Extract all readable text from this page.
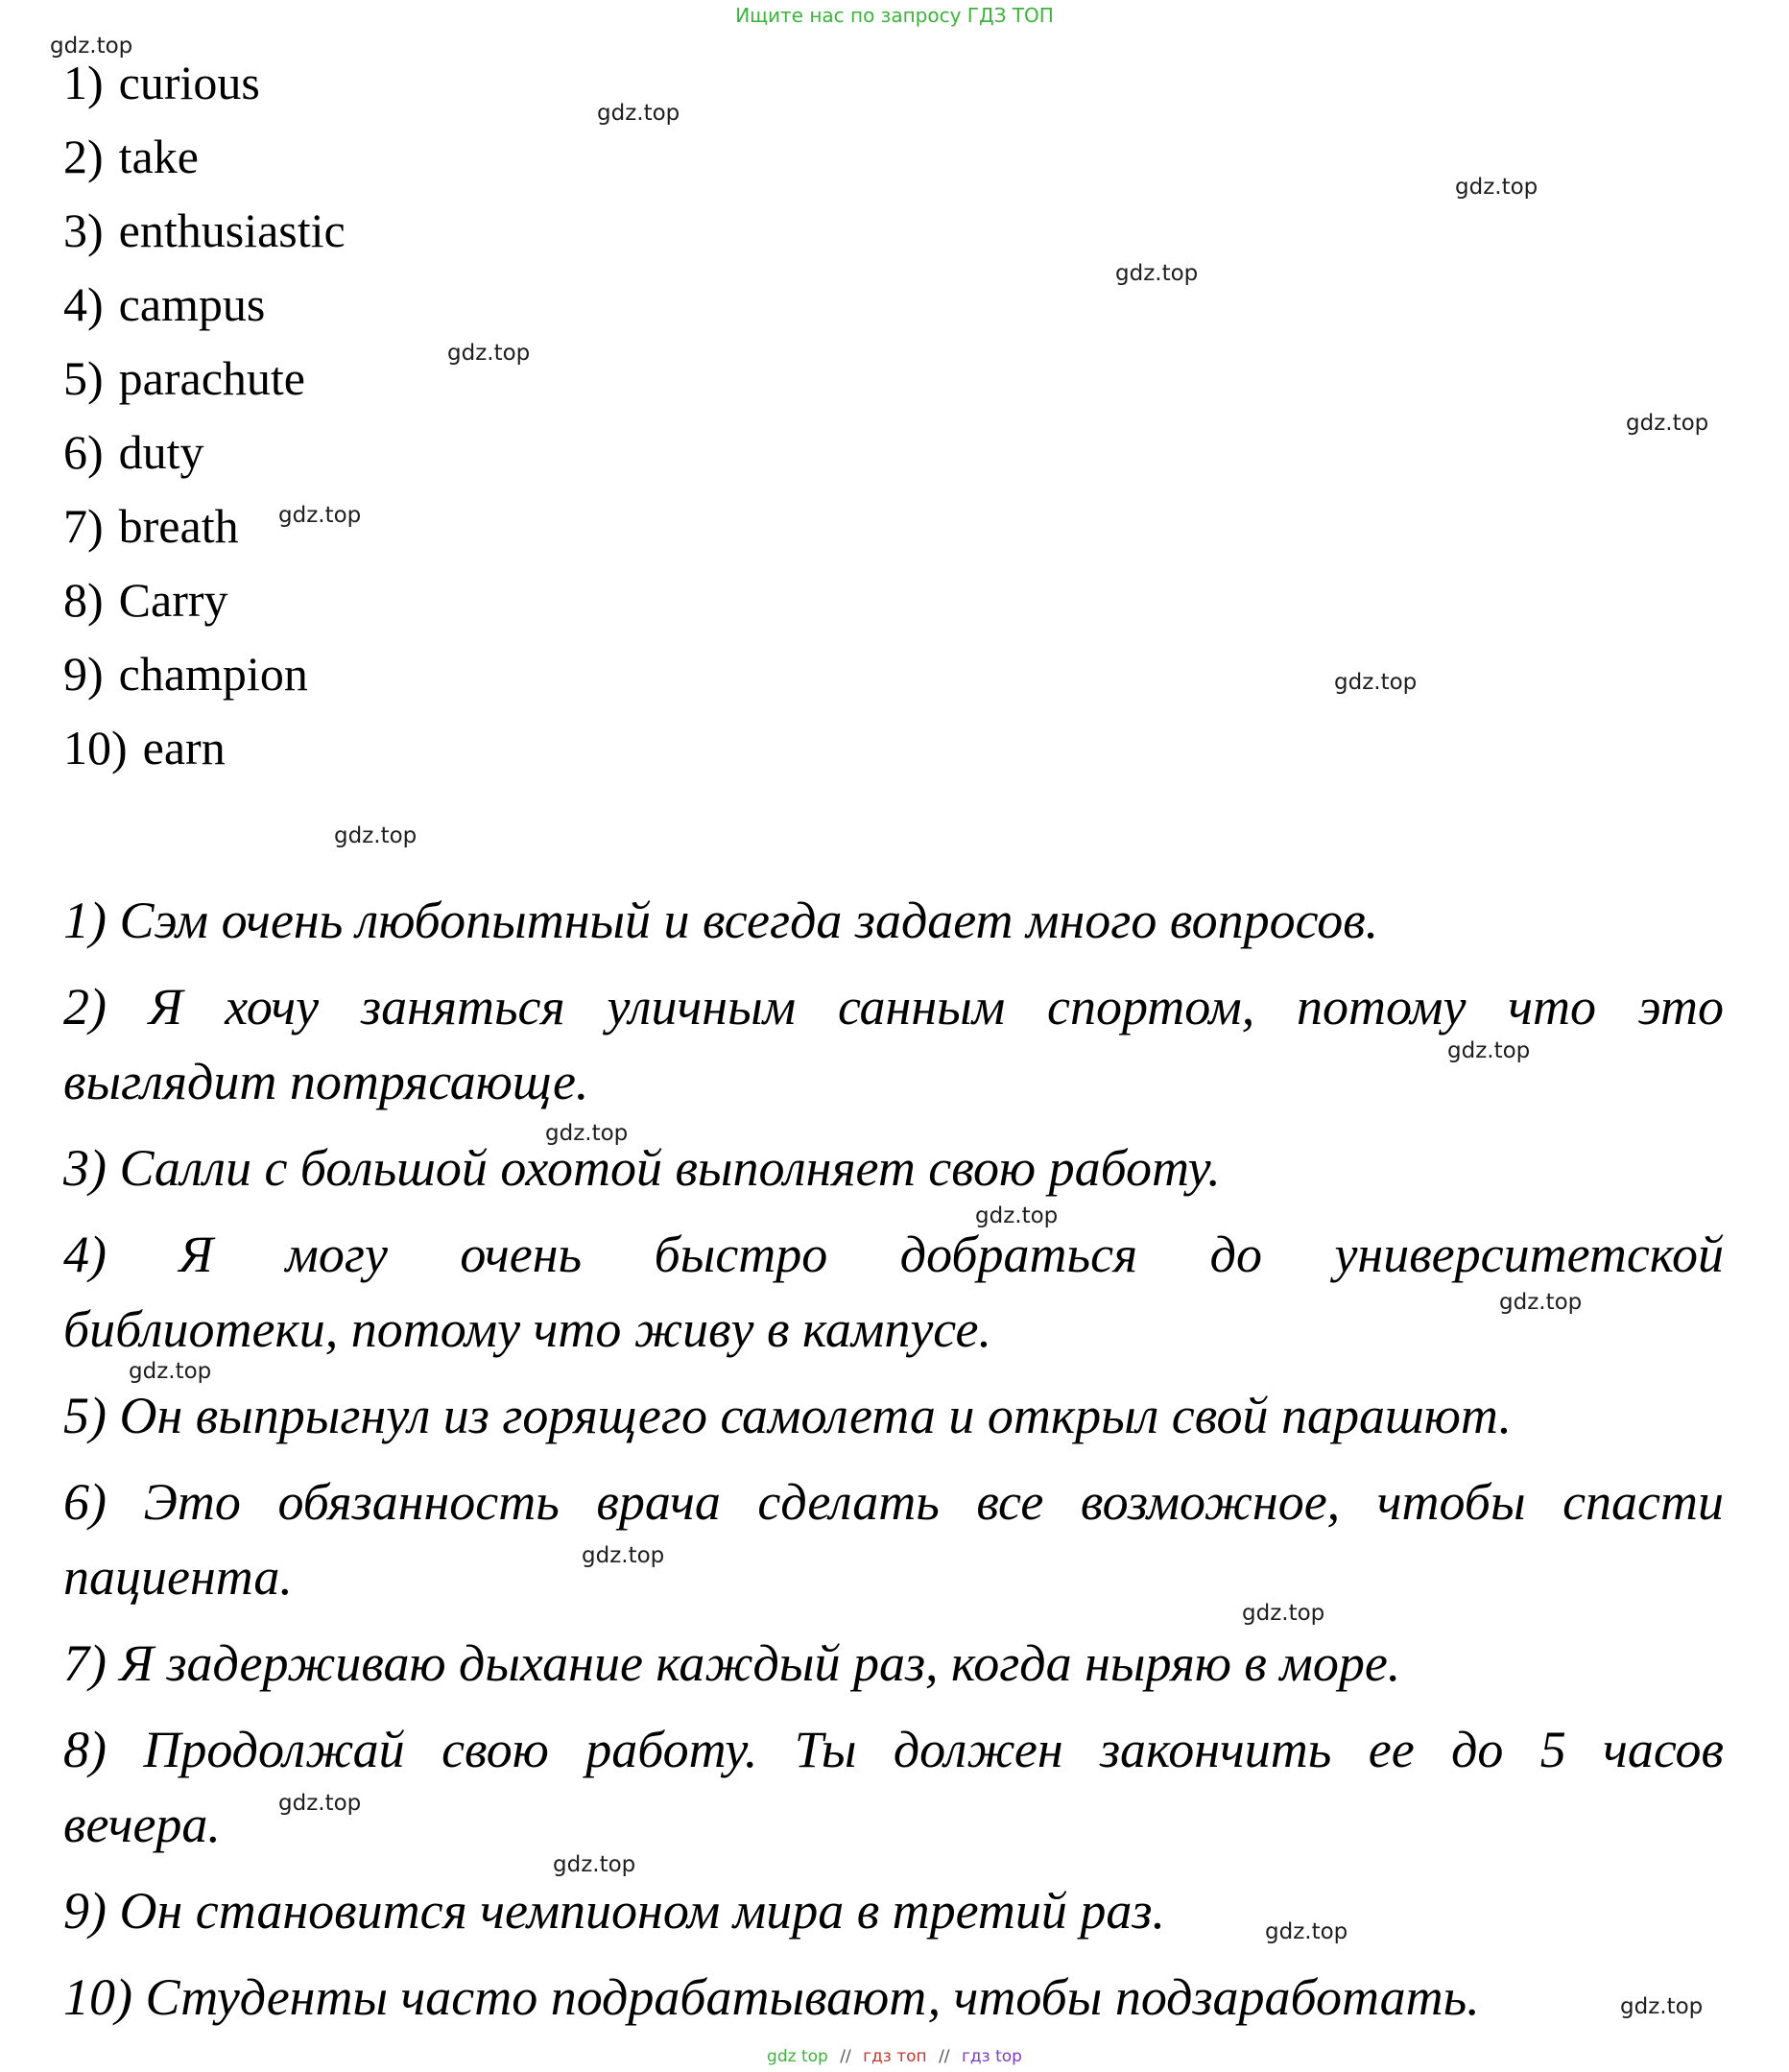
Ищите нас по запросу ГДЗ ТОП
gdz.top
gdz.top
gdz.top
gdz.top
gdz.top
gdz.top
gdz.top
gdz.top
gdz.top
gdz.top
gdz.top
gdz.top
gdz.top
gdz.top
gdz.top
gdz.top
gdz.top
gdz.top
gdz.top
gdz.top
1) curious
2) take
3) enthusiastic
4) campus
5) parachute
6) duty
7) breath
8) Carry
9) champion
10) earn

1) Сэм очень любопытный и всегда задает много вопросов.

2) Я хочу заняться уличным санным спортом, потому что это
выглядит потрясающе.

3) Салли с большой охотой выполняет свою работу.

4) Я могу очень быстро добраться до университетской
библиотеки, потому что живу в кампусе.

5) Он выпрыгнул из горящего самолета и открыл свой парашют.

6) Это обязанность врача сделать все возможное, чтобы спасти
пациента.

7) Я задерживаю дыхание каждый раз, когда ныряю в море.

8) Продолжай свою работу. Ты должен закончить ее до 5 часов
вечера.

9) Он становится чемпионом мира в третий раз.

10) Студенты часто подрабатывают, чтобы подзаработать.

gdz top // гдз топ // гдз top
